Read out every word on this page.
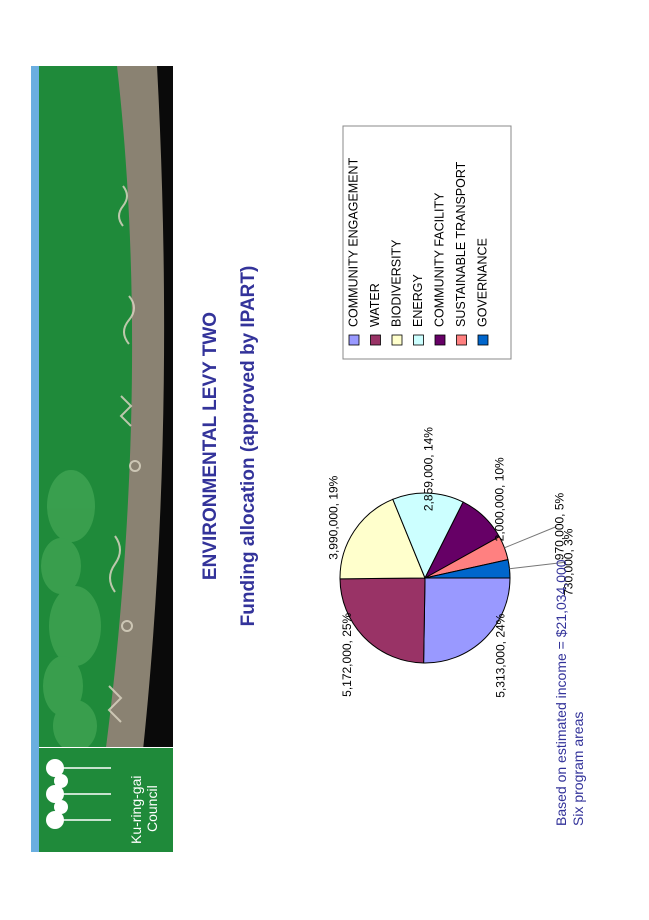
Ku-ring-gai Council
ENVIRONMENTAL LEVY TWO Funding allocation (approved by IPART)
5,313,000, 24%
5,172,000, 25%
3,990,000, 19%
2,859,000, 14%	2,000,000, 10%	970,000, 5%
730,000, 3%
COMMUNITY ENGAGEMENT WATER BIODIVERSITY ENERGY COMMUNITY FACILITY SUSTAINABLE TRANSPORT GOVERNANCE
Based on estimated income = $21,034,000 Six program areas
